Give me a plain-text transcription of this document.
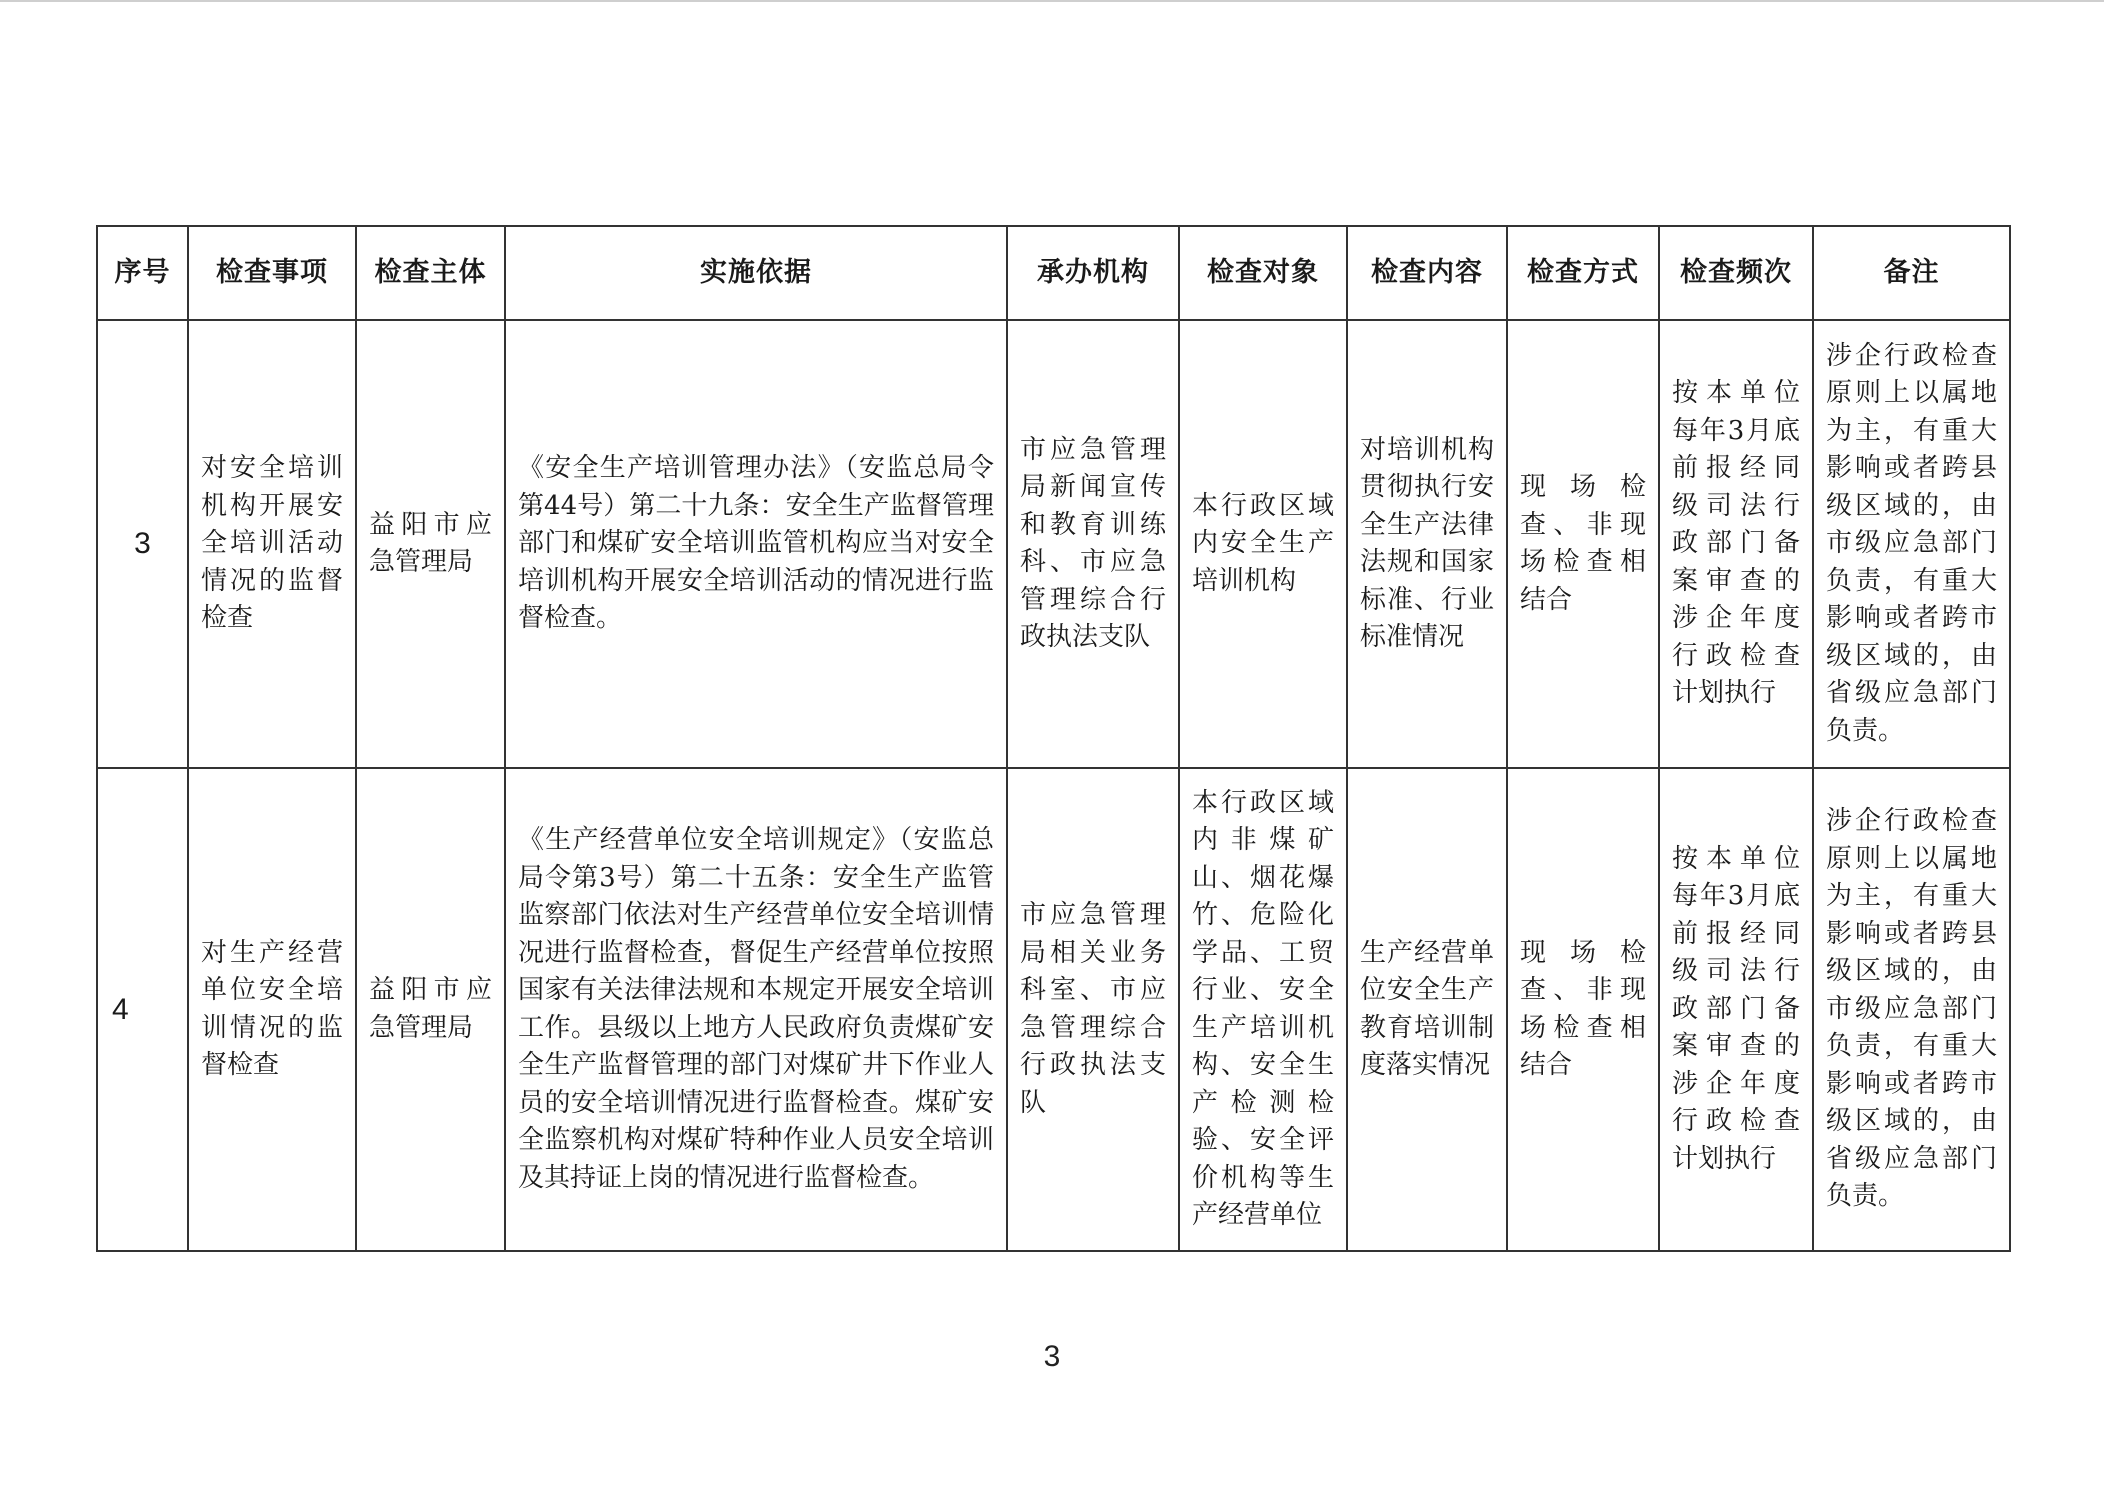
序号	检查事项	检查主体	实施依据	承办机构	检查对象	检查内容	检查方式	检查频次	备注
3	对安全培训机构开展安全培训活动情况的监督检查	益阳市应急管理局	《安全生产培训管理办法》（安监总局令第44号）第二十九条：安全生产监督管理部门和煤矿安全培训监管机构应当对安全培训机构开展安全培训活动的情况进行监督检查。	市应急管理局新闻宣传和教育训练科、市应急管理综合行政执法支队	本行政区域内安全生产培训机构	对培训机构贯彻执行安全生产法律法规和国家标准、行业标准情况	现场检查、非现场检查相结合	按本单位每年3月底前报经同级司法行政部门备案审查的涉企年度行政检查计划执行	涉企行政检查原则上以属地为主，有重大影响或者跨县级区域的，由市级应急部门负责，有重大影响或者跨市级区域的，由省级应急部门负责。
4	对生产经营单位安全培训情况的监督检查	益阳市应急管理局	《生产经营单位安全培训规定》（安监总局令第3号）第二十五条：安全生产监管监察部门依法对生产经营单位安全培训情况进行监督检查，督促生产经营单位按照国家有关法律法规和本规定开展安全培训工作。县级以上地方人民政府负责煤矿安全生产监督管理的部门对煤矿井下作业人员的安全培训情况进行监督检查。煤矿安全监察机构对煤矿特种作业人员安全培训及其持证上岗的情况进行监督检查。	市应急管理局相关业务科室、市应急管理综合行政执法支队	本行政区域内非煤矿山、烟花爆竹、危险化学品、工贸行业、安全生产培训机构、安全生产检测检验、安全评价机构等生产经营单位	生产经营单位安全生产教育培训制度落实情况	现场检查、非现场检查相结合	按本单位每年3月底前报经同级司法行政部门备案审查的涉企年度行政检查计划执行	涉企行政检查原则上以属地为主，有重大影响或者跨县级区域的，由市级应急部门负责，有重大影响或者跨市级区域的，由省级应急部门负责。
3
